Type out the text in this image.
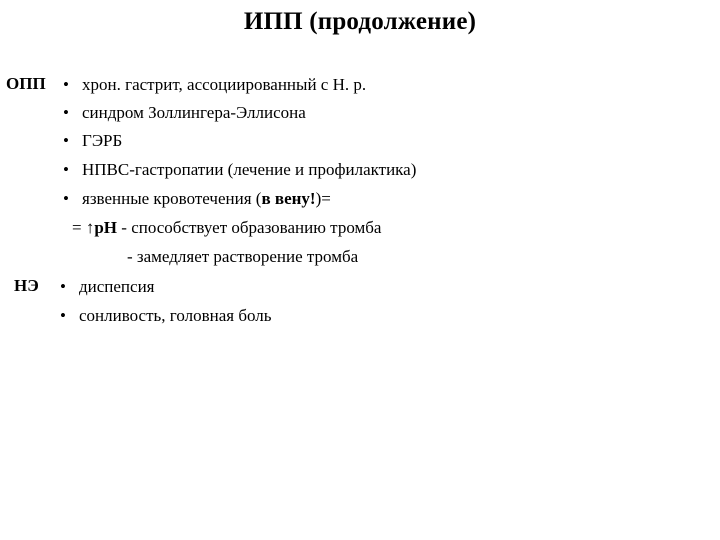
ИПП (продолжение)
ОПП • хрон. гастрит, ассоциированный с H. p.
• синдром Золлингера-Эллисона
• ГЭРБ
• НПВС-гастропатии (лечение и профилактика)
• язвенные кровотечения (в вену!)=
= ↑рН - способствует образованию тромба
- замедляет растворение тромба
НЭ • диспепсия
• сонливость, головная боль
